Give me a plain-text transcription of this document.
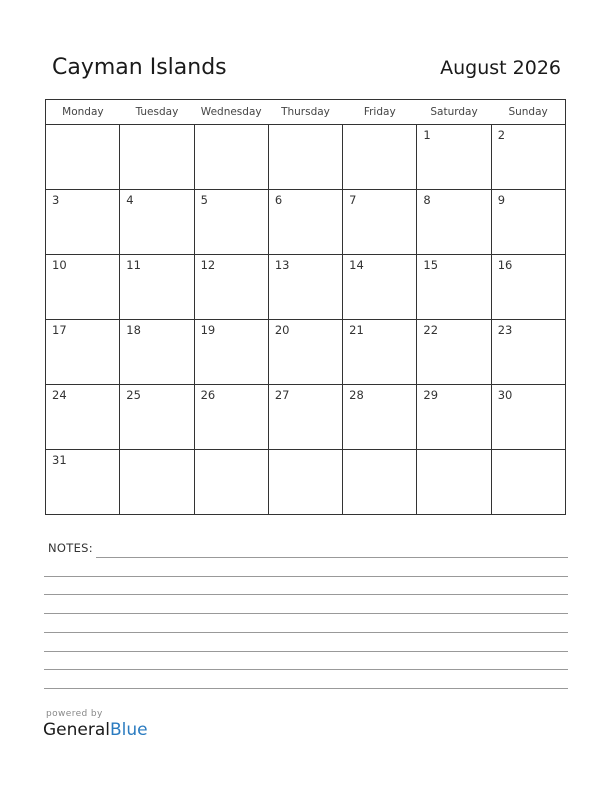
Cayman Islands	August 2026
Monday	Tuesday	Wednesday	Thursday	Friday	Saturday	Sunday

					1	2

3	4	5	6	7	8	9

10	11	12	13	14	15	16

17	18	19	20	21	22	23

24	25	26	27	28	29	30

31						

NOTES:
powered by
GeneralBlue
